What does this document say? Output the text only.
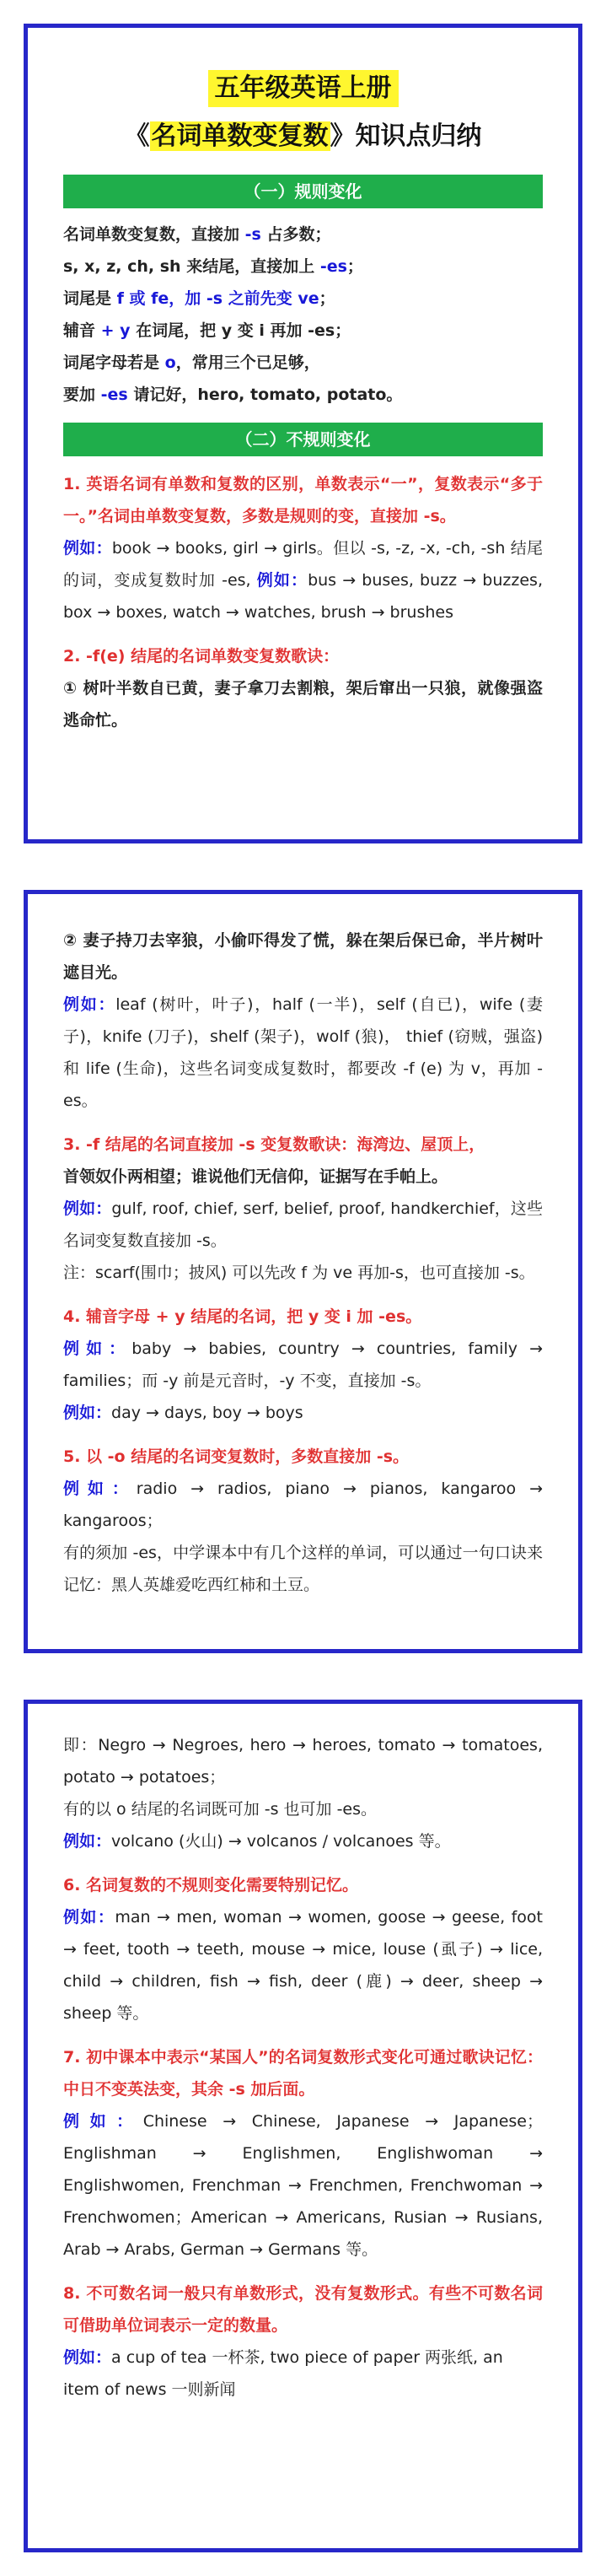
五年级英语上册
《名词单数变复数》知识点归纳
（一）规则变化

名词单数变复数，直接加 -s 占多数；

s, x, z, ch, sh 来结尾，直接加上 -es；

词尾是 f 或 fe，加 -s 之前先变 ve；

辅音 + y 在词尾，把 y 变 i 再加 -es；

词尾字母若是 o，常用三个已足够，

要加 -es 请记好，hero, tomato, potato。

（二）不规则变化

1. 英语名词有单数和复数的区别，单数表示“一”，复数表示“多于一。”名词由单数变复数，多数是规则的变，直接加 -s。

例如：book → books, girl → girls。但以 -s, -z, -x, -ch, -sh 结尾的词，变成复数时加 -es, 例如：bus → buses, buzz → buzzes, box → boxes, watch → watches, brush → brushes

2. -f(e) 结尾的名词单数变复数歌诀：

① 树叶半数自已黄，妻子拿刀去割粮，架后窜出一只狼，就像强盗逃命忙。

② 妻子持刀去宰狼，小偷吓得发了慌，躲在架后保已命，半片树叶遮目光。

例如：leaf (树叶，叶子)，half (一半)，self (自已)，wife (妻子)，knife (刀子)，shelf (架子)，wolf (狼)， thief (窃贼，强盗) 和 life (生命)，这些名词变成复数时，都要改 -f (e) 为 v，再加 -es。

3. -f 结尾的名词直接加 -s 变复数歌诀：海湾边、屋顶上，

首领奴仆两相望；谁说他们无信仰，证据写在手帕上。

例如：gulf, roof, chief, serf, belief, proof, handkerchief，这些名词变复数直接加 -s。

注：scarf(围巾；披风) 可以先改 f 为 ve 再加-s，也可直接加 -s。

4. 辅音字母 + y 结尾的名词，把 y 变 i 加 -es。

例如：baby → babies, country → countries, family → families；而 -y 前是元音时，-y 不变，直接加 -s。

例如：day → days, boy → boys

5. 以 -o 结尾的名词变复数时，多数直接加 -s。

例如：radio → radios, piano → pianos, kangaroo → kangaroos；

有的须加 -es，中学课本中有几个这样的单词，可以通过一句口诀来记忆：黑人英雄爱吃西红柿和土豆。

即：Negro → Negroes, hero → heroes, tomato → tomatoes, potato → potatoes；

有的以 o 结尾的名词既可加 -s 也可加 -es。

例如：volcano (火山) → volcanos / volcanoes 等。

6. 名词复数的不规则变化需要特别记忆。

例如：man → men, woman → women, goose → geese, foot → feet, tooth → teeth, mouse → mice, louse (虱子) → lice, child → children, fish → fish, deer (鹿) → deer, sheep → sheep 等。

7. 初中课本中表示“某国人”的名词复数形式变化可通过歌诀记忆：中日不变英法变，其余 -s 加后面。

例如：Chinese → Chinese, Japanese → Japanese；Englishman → Englishmen, Englishwoman → Englishwomen, Frenchman → Frenchmen, Frenchwoman → Frenchwomen；American → Americans, Rusian → Rusians, Arab → Arabs, German → Germans 等。

8. 不可数名词一般只有单数形式，没有复数形式。有些不可数名词可借助单位词表示一定的数量。

例如：a cup of tea 一杯茶, two piece of paper 两张纸, an item of news 一则新闻
